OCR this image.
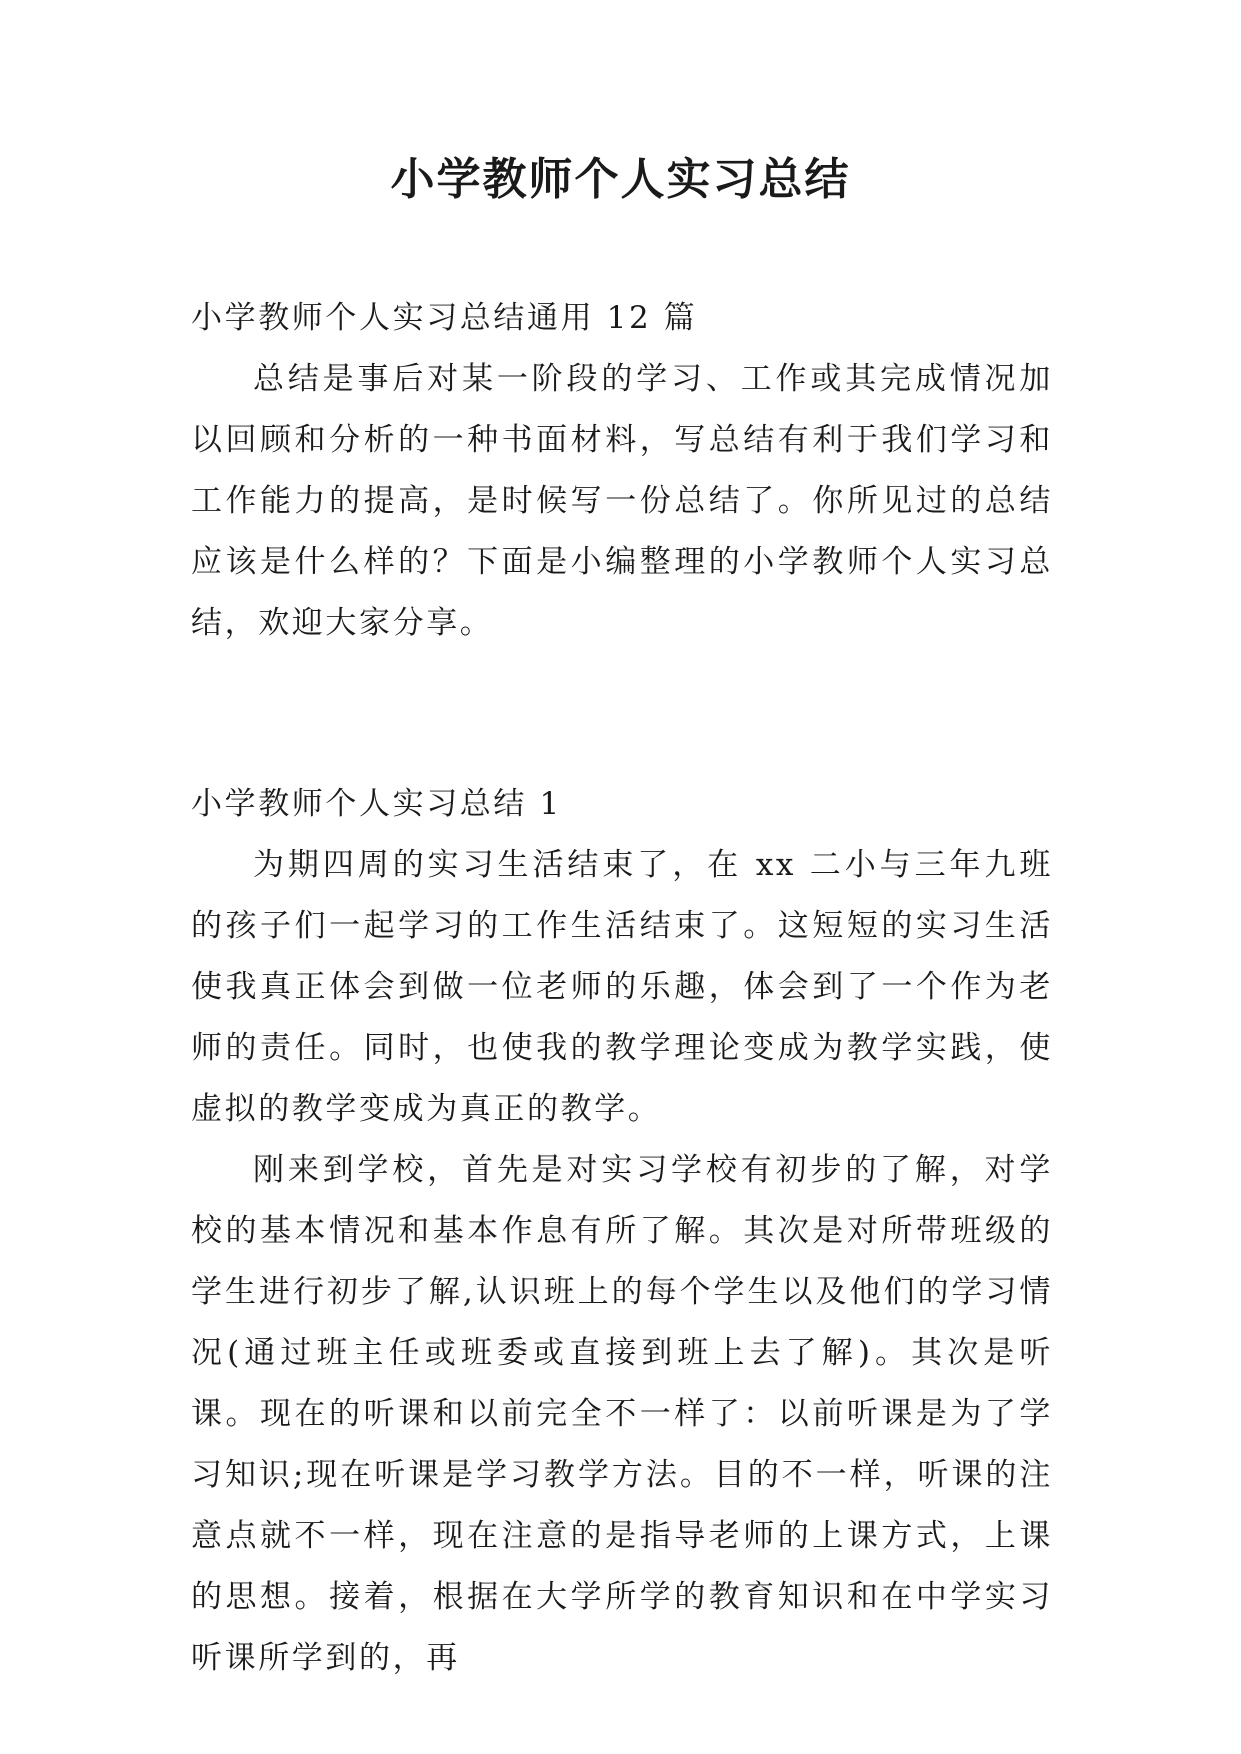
小学教师个人实习总结

小学教师个人实习总结通用 12 篇

总结是事后对某一阶段的学习、工作或其完成情况加以回顾和分析的一种书面材料，写总结有利于我们学习和工作能力的提高，是时候写一份总结了。你所见过的总结应该是什么样的？下面是小编整理的小学教师个人实习总结，欢迎大家分享。

小学教师个人实习总结 1

为期四周的实习生活结束了，在 xx 二小与三年九班的孩子们一起学习的工作生活结束了。这短短的实习生活使我真正体会到做一位老师的乐趣，体会到了一个作为老师的责任。同时，也使我的教学理论变成为教学实践，使虚拟的教学变成为真正的教学。

刚来到学校，首先是对实习学校有初步的了解，对学校的基本情况和基本作息有所了解。其次是对所带班级的学生进行初步了解,认识班上的每个学生以及他们的学习情况(通过班主任或班委或直接到班上去了解)。其次是听课。现在的听课和以前完全不一样了：以前听课是为了学习知识;现在听课是学习教学方法。目的不一样，听课的注意点就不一样，现在注意的是指导老师的上课方式，上课的思想。接着，根据在大学所学的教育知识和在中学实习听课所学到的，再
